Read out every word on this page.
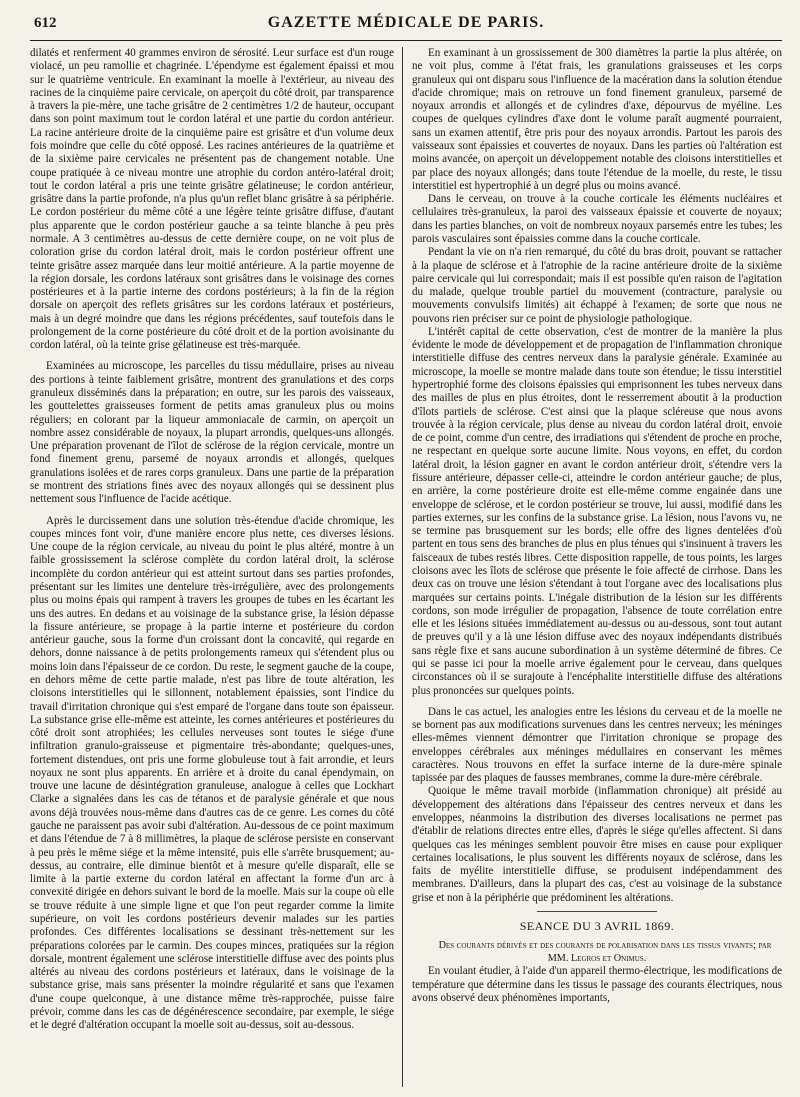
612	GAZETTE MÉDICALE DE PARIS.

dilatés et renferment 40 grammes environ de sérosité. Leur surface est d'un rouge violacé, un peu ramollie et chagrinée. L'épendyme est également épaissi et mou sur le quatrième ventricule. En examinant la moelle à l'extérieur, au niveau des racines de la cinquième paire cervicale, on aperçoit du côté droit, par transparence à travers la pie-mère, une tache grisâtre de 2 centimètres 1/2 de hauteur, occupant dans son point maximum tout le cordon latéral et une partie du cordon antérieur. La racine antérieure droite de la cinquième paire est grisâtre et d'un volume deux fois moindre que celle du côté opposé. Les racines antérieures de la quatrième et de la sixième paire cervicales ne présentent pas de changement notable. Une coupe pratiquée à ce niveau montre une atrophie du cordon antéro-latéral droit; tout le cordon latéral a pris une teinte grisâtre gélatineuse; le cordon antérieur, grisâtre dans la partie profonde, n'a plus qu'un reflet blanc grisâtre à sa périphérie. Le cordon postérieur du même côté a une légère teinte grisâtre diffuse, d'autant plus apparente que le cordon postérieur gauche a sa teinte blanche à peu près normale. A 3 centimètres au-dessus de cette dernière coupe, on ne voit plus de coloration grise du cordon latéral droit, mais le cordon postérieur offrent une teinte grisâtre assez marquée dans leur moitié antérieure. A la partie moyenne de la région dorsale, les cordons latéraux sont grisâtres dans le voisinage des cornes postérieures et à la partie interne des cordons postérieurs; à la fin de la région dorsale on aperçoit des reflets grisâtres sur les cordons latéraux et postérieurs, mais à un degré moindre que dans les régions précédentes, sauf toutefois dans le prolongement de la corne postérieure du côté droit et de la portion avoisinante du cordon latéral, où la teinte grise gélatineuse est très-marquée.

Examinées au microscope, les parcelles du tissu médullaire, prises au niveau des portions à teinte faiblement grisâtre, montrent des granulations et des corps granuleux disséminés dans la préparation; en outre, sur les parois des vaisseaux, les gouttelettes graisseuses forment de petits amas granuleux plus ou moins réguliers; en colorant par la liqueur ammoniacale de carmin, on aperçoit un nombre assez considérable de noyaux, la plupart arrondis, quelques-uns allongés. Une préparation provenant de l'îlot de sclérose de la région cervicale, montre un fond finement grenu, parsemé de noyaux arrondis et allongés, quelques granulations isolées et de rares corps granuleux. Dans une partie de la préparation se montrent des striations fines avec des noyaux allongés qui se dessinent plus nettement sous l'influence de l'acide acétique.

Après le durcissement dans une solution très-étendue d'acide chromique, les coupes minces font voir, d'une manière encore plus nette, ces diverses lésions. Une coupe de la région cervicale, au niveau du point le plus altéré, montre à un faible grossissement la sclérose complète du cordon latéral droit, la sclérose incomplète du cordon antérieur qui est atteint surtout dans ses parties profondes, présentant sur les limites une dentelure très-irrégulière, avec des prolongements plus ou moins épais qui rampent à travers les groupes de tubes en les écartant les uns des autres. En dedans et au voisinage de la substance grise, la lésion dépasse la fissure antérieure, se propage à la partie interne et postérieure du cordon antérieur gauche, sous la forme d'un croissant dont la concavité, qui regarde en dehors, donne naissance à de petits prolongements rameux qui s'étendent plus ou moins loin dans l'épaisseur de ce cordon. Du reste, le segment gauche de la coupe, en dehors même de cette partie malade, n'est pas libre de toute altération, les cloisons interstitielles qui le sillonnent, notablement épaissies, sont l'indice du travail d'irritation chronique qui s'est emparé de l'organe dans toute son épaisseur. La substance grise elle-même est atteinte, les cornes antérieures et postérieures du côté droit sont atrophiées; les cellules nerveuses sont toutes le siége d'une infiltration granulo-graisseuse et pigmentaire très-abondante; quelques-unes, fortement distendues, ont pris une forme globuleuse tout à fait arrondie, et leurs noyaux ne sont plus apparents. En arrière et à droite du canal épendymain, on trouve une lacune de désintégration granuleuse, analogue à celles que Lockhart Clarke a signalées dans les cas de tétanos et de paralysie générale et que nous avons déjà trouvées nous-même dans d'autres cas de ce genre. Les cornes du côté gauche ne paraissent pas avoir subi d'altération. Au-dessous de ce point maximum et dans l'étendue de 7 à 8 millimètres, la plaque de sclérose persiste en conservant à peu près le même siége et la même intensité, puis elle s'arrête brusquement; au-dessus, au contraire, elle diminue bientôt et à mesure qu'elle disparaît, elle se limite à la partie externe du cordon latéral en affectant la forme d'un arc à convexité dirigée en dehors suivant le bord de la moelle. Mais sur la coupe où elle se trouve réduite à une simple ligne et que l'on peut regarder comme la limite supérieure, on voit les cordons postérieurs devenir malades sur les parties profondes. Ces différentes localisations se dessinant très-nettement sur les préparations colorées par le carmin. Des coupes minces, pratiquées sur la région dorsale, montrent également une sclérose interstitielle diffuse avec des points plus altérés au niveau des cordons postérieurs et latéraux, dans le voisinage de la substance grise, mais sans présenter la moindre régularité et sans que l'examen d'une coupe quelconque, à une distance même très-rapprochée, puisse faire prévoir, comme dans les cas de dégénérescence secondaire, par exemple, le siége et le degré d'altération occupant la moelle soit au-dessus, soit au-dessous.

En examinant à un grossissement de 300 diamètres la partie la plus altérée, on ne voit plus, comme à l'état frais, les granulations graisseuses et les corps granuleux qui ont disparu sous l'influence de la macération dans la solution étendue d'acide chromique; mais on retrouve un fond finement granuleux, parsemé de noyaux arrondis et allongés et de cylindres d'axe, dépourvus de myéline. Les coupes de quelques cylindres d'axe dont le volume paraît augmenté pourraient, sans un examen attentif, être pris pour des noyaux arrondis. Partout les parois des vaisseaux sont épaissies et couvertes de noyaux. Dans les parties où l'altération est moins avancée, on aperçoit un développement notable des cloisons interstitielles et par place des noyaux allongés; dans toute l'étendue de la moelle, du reste, le tissu interstitiel est hypertrophié à un degré plus ou moins avancé.

Dans le cerveau, on trouve à la couche corticale les éléments nucléaires et cellulaires très-granuleux, la paroi des vaisseaux épaissie et couverte de noyaux; dans les parties blanches, on voit de nombreux noyaux parsemés entre les tubes; les parois vasculaires sont épaissies comme dans la couche corticale.

Pendant la vie on n'a rien remarqué, du côté du bras droit, pouvant se rattacher à la plaque de sclérose et à l'atrophie de la racine antérieure droite de la sixième paire cervicale qui lui correspondait; mais il est possible qu'en raison de l'agitation du malade, quelque trouble partiel du mouvement (contracture, paralysie ou mouvements convulsifs limités) ait échappé à l'examen; de sorte que nous ne pouvons rien préciser sur ce point de physiologie pathologique.

L'intérêt capital de cette observation, c'est de montrer de la manière la plus évidente le mode de développement et de propagation de l'inflammation chronique interstitielle diffuse des centres nerveux dans la paralysie générale. Examinée au microscope, la moelle se montre malade dans toute son étendue; le tissu interstitiel hypertrophié forme des cloisons épaissies qui emprisonnent les tubes nerveux dans des mailles de plus en plus étroites, dont le resserrement aboutit à la production d'îlots partiels de sclérose. C'est ainsi que la plaque scléreuse que nous avons trouvée à la région cervicale, plus dense au niveau du cordon latéral droit, envoie de ce point, comme d'un centre, des irradiations qui s'étendent de proche en proche, ne respectant en quelque sorte aucune limite. Nous voyons, en effet, du cordon latéral droit, la lésion gagner en avant le cordon antérieur droit, s'étendre vers la fissure antérieure, dépasser celle-ci, atteindre le cordon antérieur gauche; de plus, en arrière, la corne postérieure droite est elle-même comme engainée dans une enveloppe de sclérose, et le cordon postérieur se trouve, lui aussi, modifié dans les parties externes, sur les confins de la substance grise. La lésion, nous l'avons vu, ne se termine pas brusquement sur les bords; elle offre des lignes dentelées d'où partent en tous sens des branches de plus en plus ténues qui s'insinuent à travers les faisceaux de tubes restés libres. Cette disposition rappelle, de tous points, les larges cloisons avec les îlots de sclérose que présente le foie affecté de cirrhose. Dans les deux cas on trouve une lésion s'étendant à tout l'organe avec des localisations plus marquées sur certains points. L'inégale distribution de la lésion sur les différents cordons, son mode irrégulier de propagation, l'absence de toute corrélation entre elle et les lésions situées immédiatement au-dessus ou au-dessous, sont tout autant de preuves qu'il y a là une lésion diffuse avec des noyaux indépendants distribués sans règle fixe et sans aucune subordination à un système déterminé de fibres. Ce qui se passe ici pour la moelle arrive également pour le cerveau, dans quelques circonstances où il se surajoute à l'encéphalite interstitielle diffuse des altérations plus prononcées sur quelques points.

Dans le cas actuel, les analogies entre les lésions du cerveau et de la moelle ne se bornent pas aux modifications survenues dans les centres nerveux; les méninges elles-mêmes viennent démontrer que l'irritation chronique se propage des enveloppes cérébrales aux méninges médullaires en conservant les mêmes caractères. Nous trouvons en effet la surface interne de la dure-mère spinale tapissée par des plaques de fausses membranes, comme la dure-mère cérébrale.

Quoique le même travail morbide (inflammation chronique) ait présidé au développement des altérations dans l'épaisseur des centres nerveux et dans les enveloppes, néanmoins la distribution des diverses localisations ne permet pas d'établir de relations directes entre elles, d'après le siége qu'elles affectent. Si dans quelques cas les méninges semblent pouvoir être mises en cause pour expliquer certaines localisations, le plus souvent les différents noyaux de sclérose, dans les faits de myélite interstitielle diffuse, se produisent indépendamment des membranes. D'ailleurs, dans la plupart des cas, c'est au voisinage de la substance grise et non à la périphérie que prédominent les altérations.

SEANCE DU 3 AVRIL 1869.

Des courants dérivés et des courants de polarisation dans les tissus vivants; par MM. Legros et Onimus.

En voulant étudier, à l'aide d'un appareil thermo-électrique, les modifications de température que détermine dans les tissus le passage des courants électriques, nous avons observé deux phénomènes importants,
